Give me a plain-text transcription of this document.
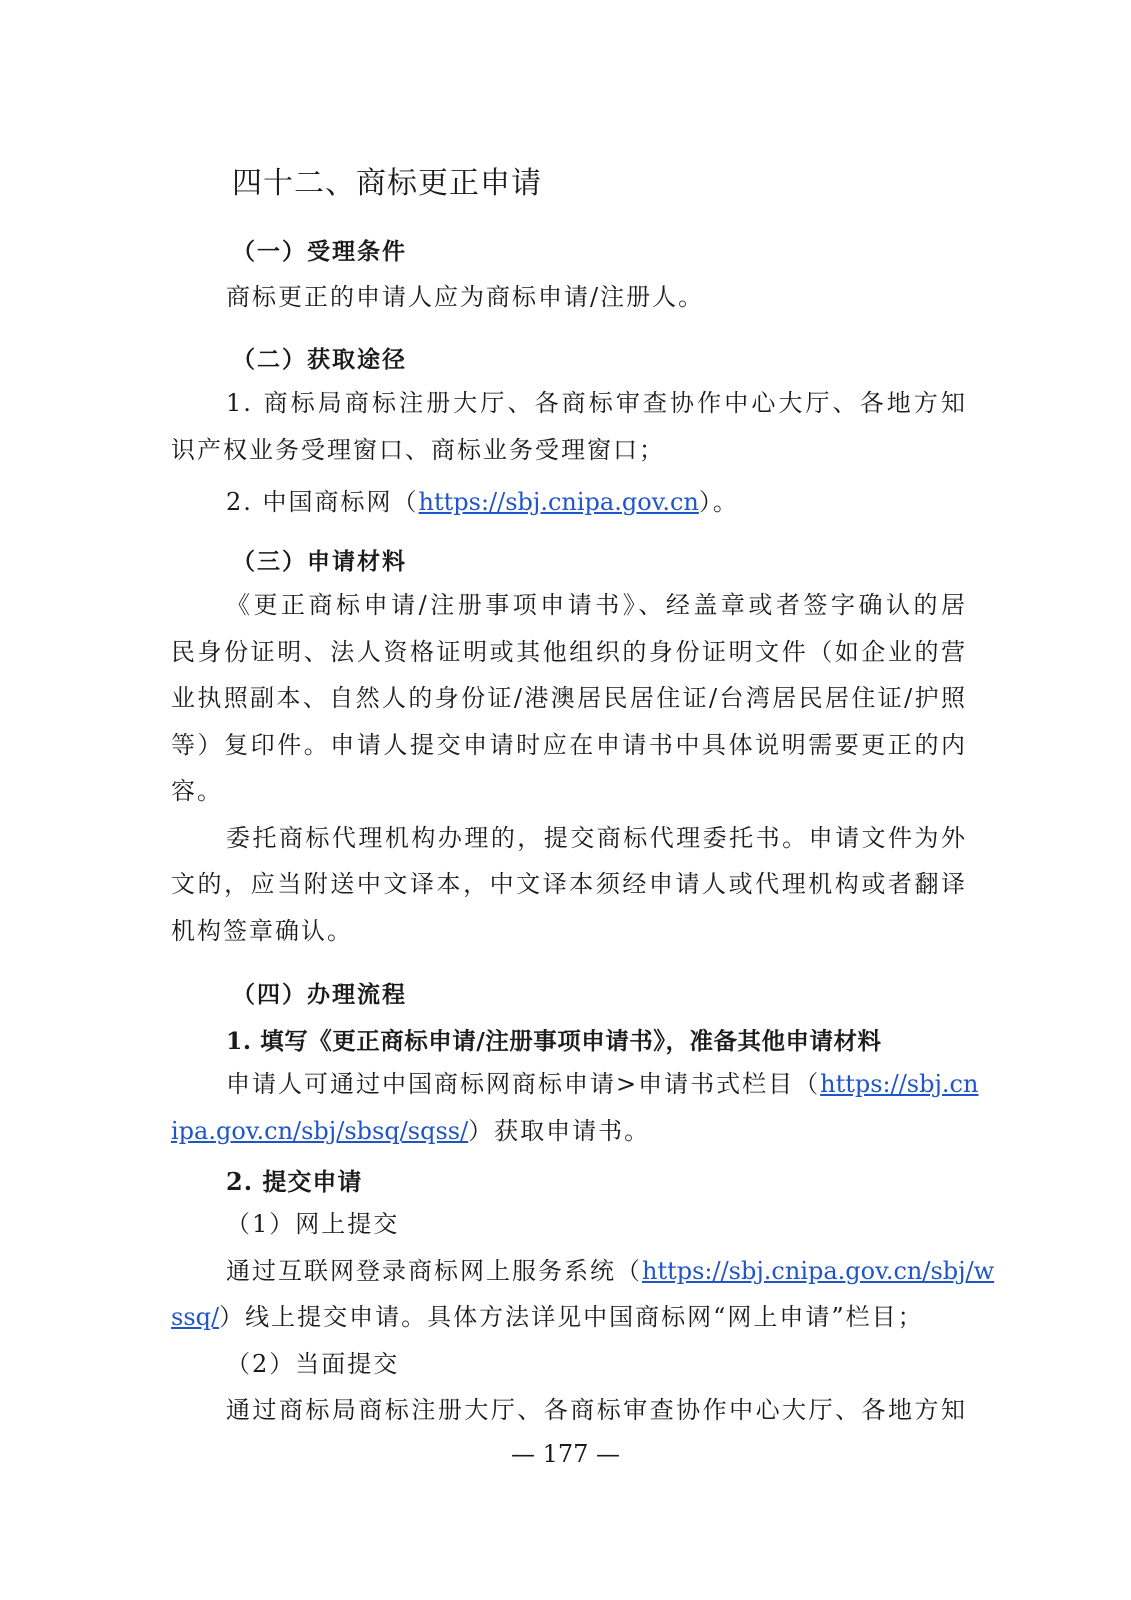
四十二、商标更正申请
（一）受理条件

商标更正的申请人应为商标申请/注册人。

（二）获取途径

1. 商标局商标注册大厅、各商标审查协作中心大厅、各地方知

识产权业务受理窗口、商标业务受理窗口；

2. 中国商标网（https://sbj.cnipa.gov.cn）。

（三）申请材料

《更正商标申请/注册事项申请书》、经盖章或者签字确认的居

民身份证明、法人资格证明或其他组织的身份证明文件（如企业的营

业执照副本、自然人的身份证/港澳居民居住证/台湾居民居住证/护照

等）复印件。申请人提交申请时应在申请书中具体说明需要更正的内

容。

委托商标代理机构办理的，提交商标代理委托书。申请文件为外

文的，应当附送中文译本，中文译本须经申请人或代理机构或者翻译

机构签章确认。

（四）办理流程
1. 填写《更正商标申请/注册事项申请书》，准备其他申请材料

申请人可通过中国商标网商标申请>申请书式栏目（https://sbj.cn

ipa.gov.cn/sbj/sbsq/sqss/）获取申请书。

2. 提交申请

（1）网上提交

通过互联网登录商标网上服务系统（https://sbj.cnipa.gov.cn/sbj/w

ssq/）线上提交申请。具体方法详见中国商标网“网上申请”栏目；

（2）当面提交

通过商标局商标注册大厅、各商标审查协作中心大厅、各地方知

— 177 —
